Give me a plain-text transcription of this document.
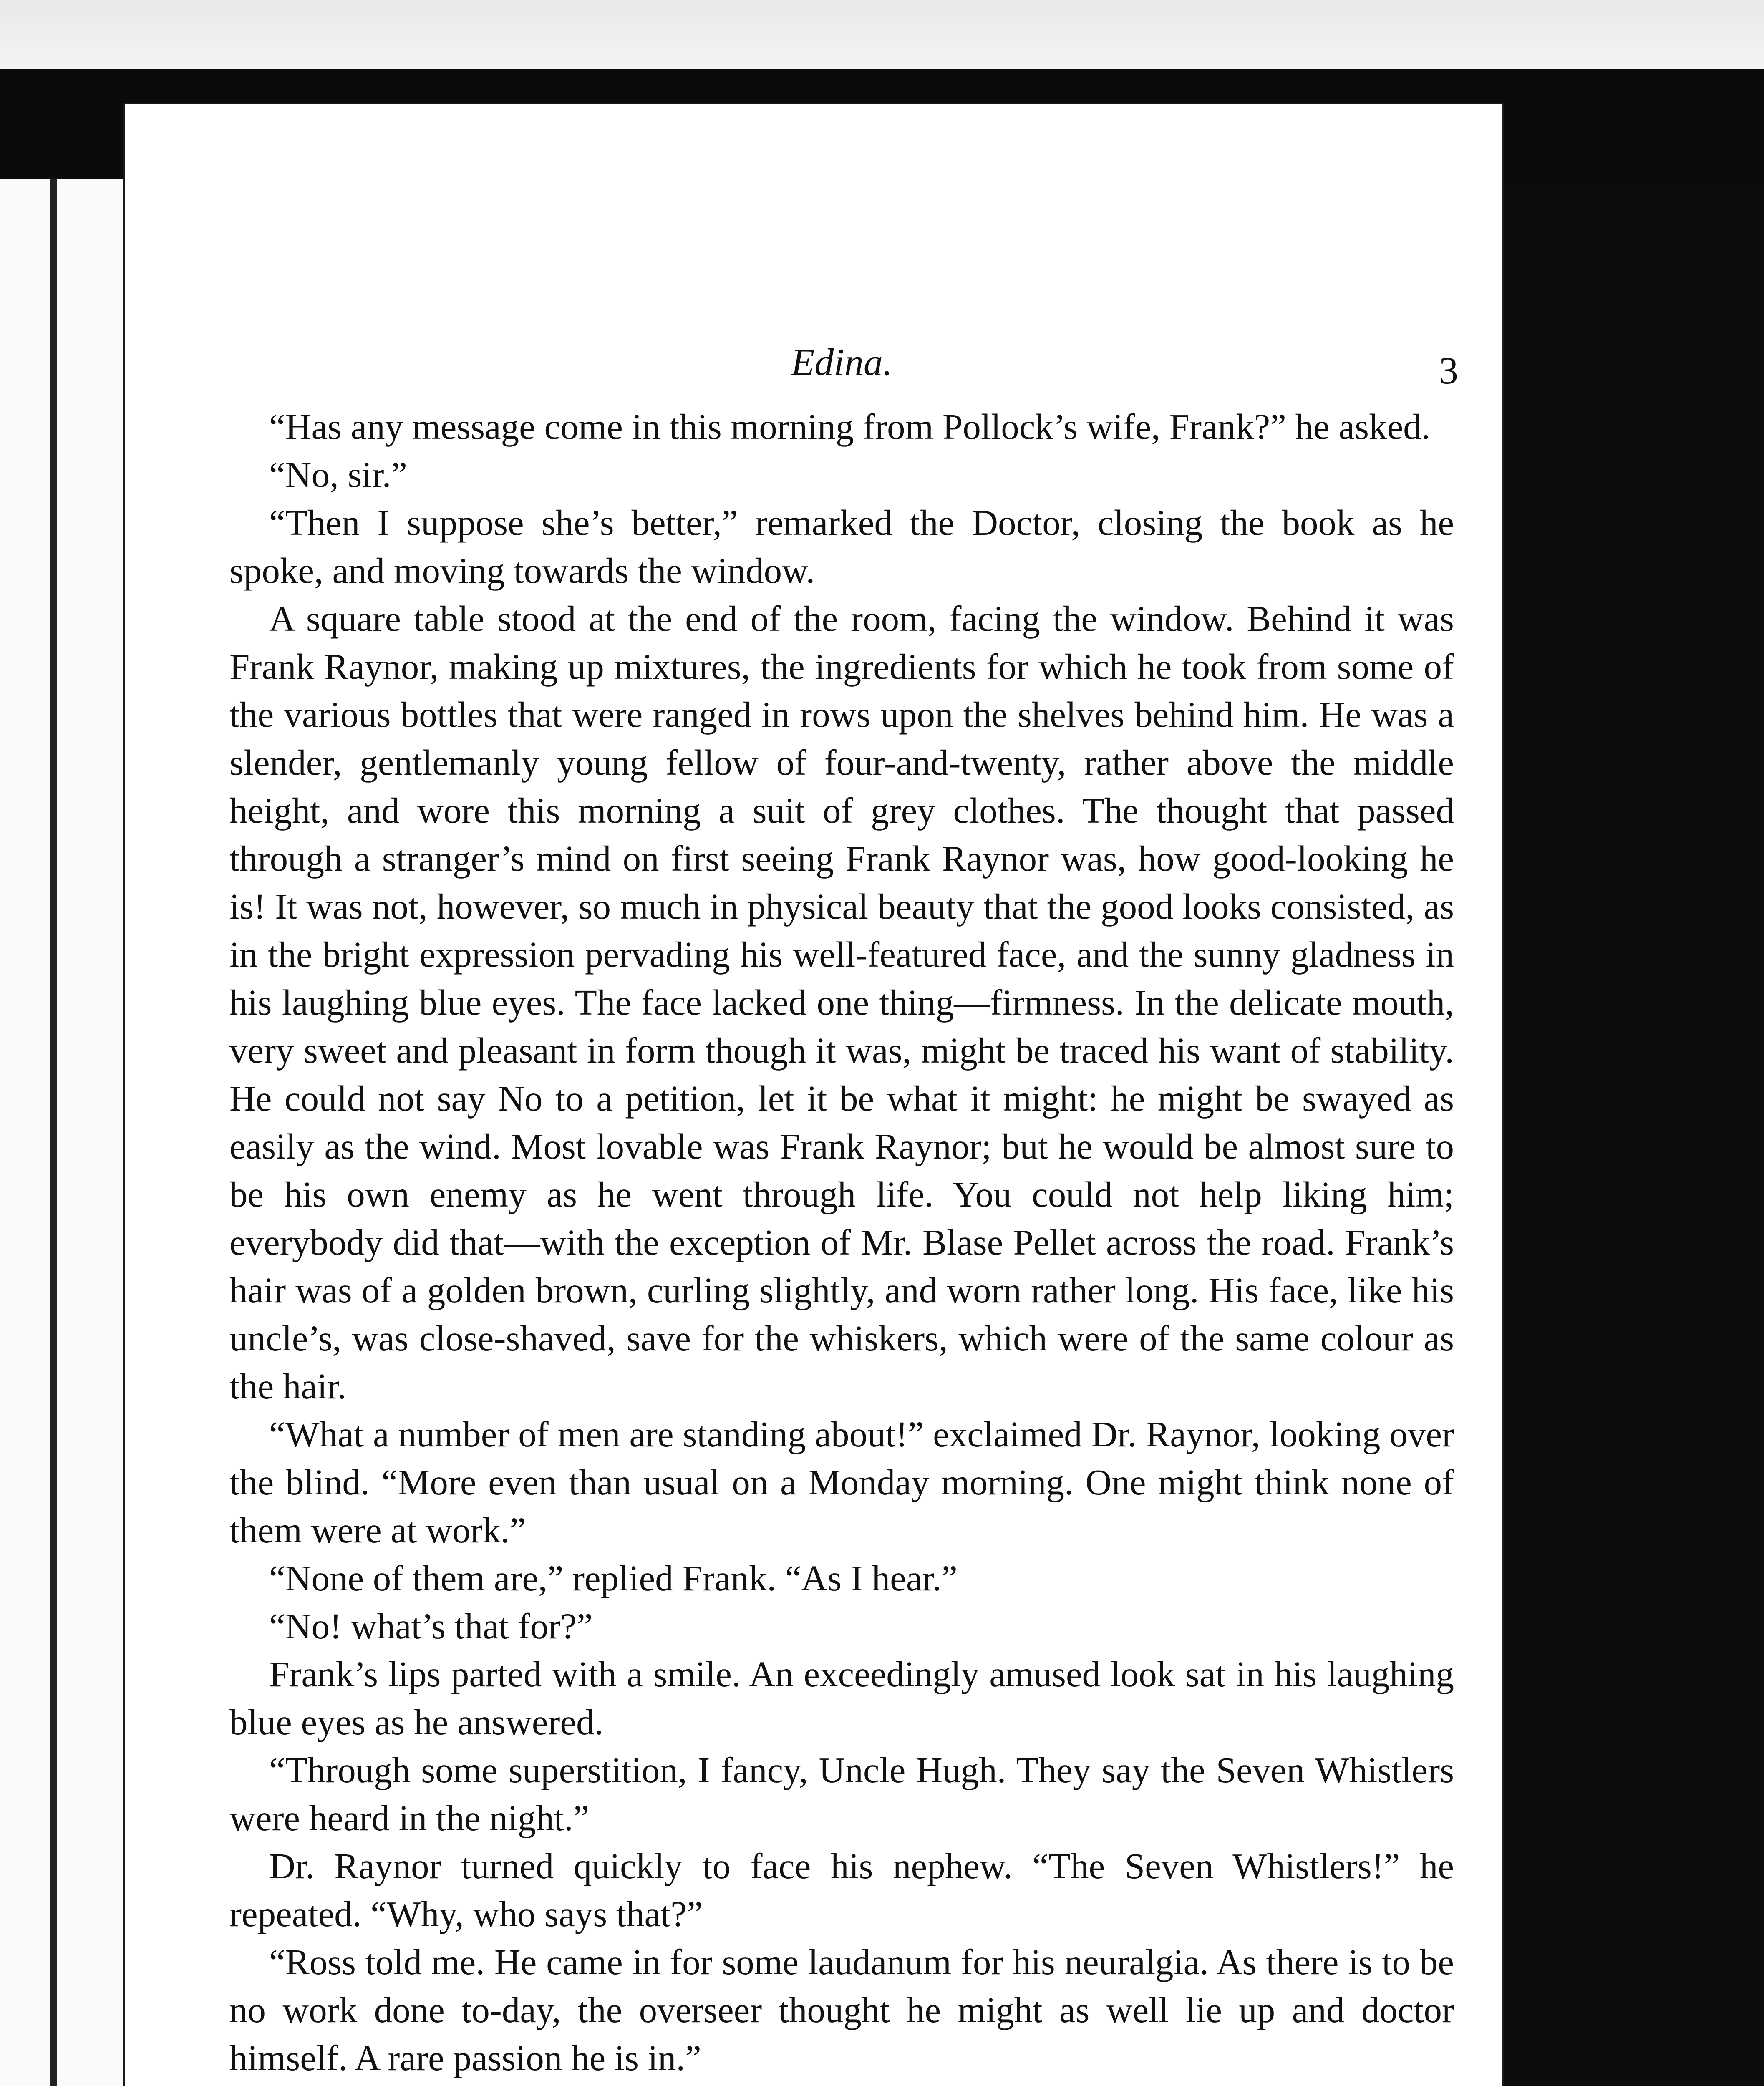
Edina.	3

“Has any message come in this morning from Pollock’s wife, Frank?” he asked.

“No, sir.”

“Then I suppose she’s better,” remarked the Doctor, closing the book as he spoke, and moving towards the window.

A square table stood at the end of the room, facing the window. Behind it was Frank Raynor, making up mixtures, the ingredients for which he took from some of the various bottles that were ranged in rows upon the shelves behind him. He was a slender, gentlemanly young fellow of four-and-twenty, rather above the middle height, and wore this morning a suit of grey clothes. The thought that passed through a stranger’s mind on first seeing Frank Raynor was, how good-looking he is! It was not, however, so much in physical beauty that the good looks consisted, as in the bright expression pervading his well-featured face, and the sunny gladness in his laughing blue eyes. The face lacked one thing—firmness. In the delicate mouth, very sweet and pleasant in form though it was, might be traced his want of stability. He could not say No to a petition, let it be what it might: he might be swayed as easily as the wind. Most lovable was Frank Raynor; but he would be almost sure to be his own enemy as he went through life. You could not help liking him; everybody did that—with the exception of Mr. Blase Pellet across the road. Frank’s hair was of a golden brown, curling slightly, and worn rather long. His face, like his uncle’s, was close-shaved, save for the whiskers, which were of the same colour as the hair.

“What a number of men are standing about!” exclaimed Dr. Raynor, looking over the blind. “More even than usual on a Monday morning. One might think none of them were at work.”

“None of them are,” replied Frank. “As I hear.”

“No! what’s that for?”

Frank’s lips parted with a smile. An exceedingly amused look sat in his laughing blue eyes as he answered.

“Through some superstition, I fancy, Uncle Hugh. They say the Seven Whistlers were heard in the night.”

Dr. Raynor turned quickly to face his nephew. “The Seven Whistlers!” he repeated. “Why, who says that?”

“Ross told me. He came in for some laudanum for his neuralgia. As there is to be no work done to-day, the overseer thought he might as well lie up and doctor himself. A rare passion he is in.”
